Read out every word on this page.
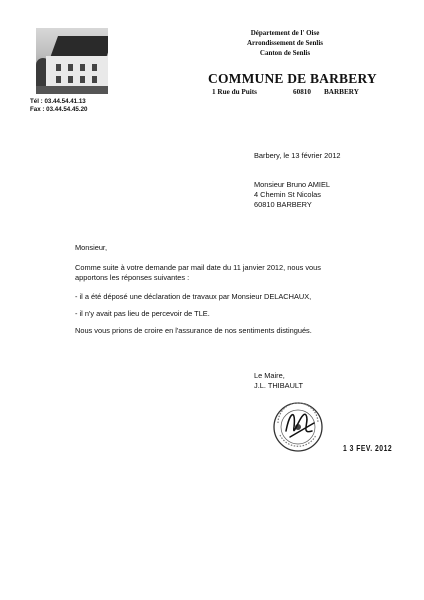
Tél : 03.44.54.41.13
Fax : 03.44.54.45.20
Département de l' Oise
Arrondissement de Senlis
Canton de Senlis
COMMUNE DE BARBERY
1 Rue du Puits	60810 BARBERY
Barbery, le 13 février 2012
Monsieur Bruno AMIEL
4 Chemin St Nicolas
60810 BARBERY
Monsieur,
Comme suite à votre demande par mail date du 11 janvier 2012, nous vous
apportons les réponses suivantes :
- il a été déposé une déclaration de travaux par Monsieur DELACHAUX,
- il n'y avait pas lieu de percevoir de TLE.
Nous vous prions de croire en l'assurance de nos sentiments distingués.
Le Maire,
J.L. THIBAULT
1 3 FEV. 2012
